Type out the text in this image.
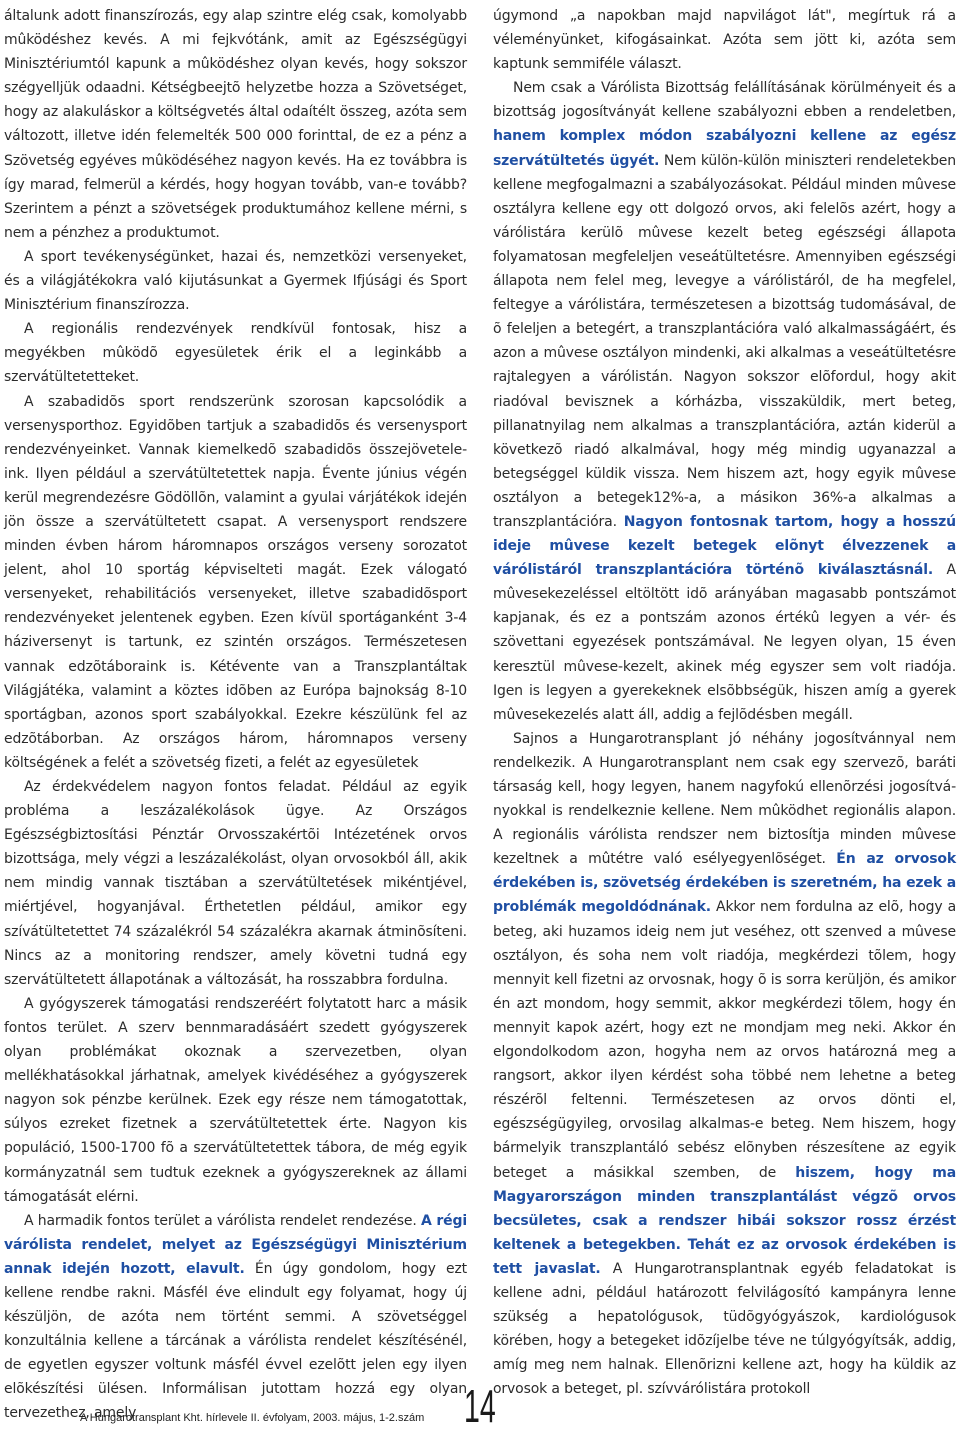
általunk adott finanszírozás, egy alap szintre elég csak, komolyabb mûködéshez kevés. A mi fejkvótánk, amit az Egészségügyi Minisztériumtól kapunk a mûködéshez olyan kevés, hogy sokszor szégyelljük odaadni. Kétségbeejtõ helyzetbe hozza a Szövetséget, hogy az alakuláskor a költségvetés által odaítélt összeg, azóta sem változott, illetve idén felemelték 500 000 forinttal, de ez a pénz a Szövetség egyéves mûködéséhez nagyon kevés. Ha ez továbbra is így marad, felmerül a kérdés, hogy hogyan tovább, van-e tovább? Szerintem a pénzt a szövetségek produktumához kellene mérni, s nem a pénzhez a produktumot.

A sport tevékenységünket, hazai és, nemzetközi versenyeket, és a világjátékokra való kijutásunkat a Gyermek Ifjúsági és Sport Minisztérium finanszírozza.

A regionális rendezvények rendkívül fontosak, hisz a megyékben mûködõ egyesületek érik el a leginkább a szervátültetetteket.

A szabadidõs sport rendszerünk szorosan kapcsolódik a versenysporthoz. Egyidõben tartjuk a szabadidõs és versenysport rendezvényeinket. Vannak kiemelkedõ szabadidõs összejövetele-ink. Ilyen például a szervátültetettek napja. Évente június végén kerül megrendezésre Gödöllõn, valamint a gyulai várjátékok idején jön össze a szervátültetett csapat. A versenysport rendszere minden évben három háromnapos országos verseny sorozatot jelent, ahol 10 sportág képviselteti magát. Ezek válogató versenyeket, rehabilitációs versenyeket, illetve szabadidõsport rendezvényeket jelentenek egyben. Ezen kívül sportáganként 3-4 háziversenyt is tartunk, ez szintén országos. Természetesen vannak edzõtáboraink is. Kétévente van a Transzplantáltak Világjátéka, valamint a köztes idõben az Európa bajnokság 8-10 sportágban, azonos sport szabályokkal. Ezekre készülünk fel az edzõtáborban. Az országos három, háromnapos verseny költségének a felét a szövetség fizeti, a felét az egyesületek

Az érdekvédelem nagyon fontos feladat. Például az egyik probléma a leszázalékolások ügye. Az Országos Egészségbiztosítási Pénztár Orvosszakértõi Intézetének orvos bizottsága, mely végzi a leszázalékolást, olyan orvosokból áll, akik nem mindig vannak tisztában a szervátültetések mikéntjével, miértjével, hogyanjával. Érthetetlen például, amikor egy szívátültetettet 74 százalékról 54 százalékra akarnak átminõsíteni. Nincs az a monitoring rendszer, amely követni tudná egy szervátültetett állapotának a változását, ha rosszabbra fordulna.

A gyógyszerek támogatási rendszeréért folytatott harc a másik fontos terület. A szerv bennmaradásáért szedett gyógyszerek olyan problémákat okoznak a szervezetben, olyan mellékhatásokkal járhatnak, amelyek kivédéséhez a gyógyszerek nagyon sok pénzbe kerülnek. Ezek egy része nem támogatottak, súlyos ezreket fizetnek a szervátültetettek érte. Nagyon kis populáció, 1500-1700 fõ a szervátültetettek tábora, de még egyik kormányzatnál sem tudtuk ezeknek a gyógyszereknek az állami támogatását elérni.

A harmadik fontos terület a várólista rendelet rendezése. A régi várólista rendelet, melyet az Egészségügyi Minisztérium annak idején hozott, elavult. Én úgy gondolom, hogy ezt kellene rendbe rakni. Másfél éve elindult egy folyamat, hogy új készüljön, de azóta nem történt semmi. A szövetséggel konzultálnia kellene a tárcának a várólista rendelet készítésénél, de egyetlen egyszer voltunk másfél évvel ezelõtt jelen egy ilyen elõkészítési ülésen. Informálisan jutottam hozzá egy olyan tervezethez, amely

úgymond „a napokban majd napvilágot lát", megírtuk rá a véleményünket, kifogásainkat. Azóta sem jött ki, azóta sem kaptunk semmiféle választ.

Nem csak a Várólista Bizottság felállításának körülményeit és a bizottság jogosítványát kellene szabályozni ebben a rendeletben, hanem komplex módon szabályozni kellene az egész szervátültetés ügyét. Nem külön-külön miniszteri rendeletekben kellene megfogalmazni a szabályozásokat. Például minden mûvese osztályra kellene egy ott dolgozó orvos, aki felelõs azért, hogy a várólistára kerülõ mûvese kezelt beteg egészségi állapota folyamatosan megfeleljen veseátültetésre. Amennyiben egészségi állapota nem felel meg, levegye a várólistáról, de ha megfelel, feltegye a várólistára, természetesen a bizottság tudomásával, de õ feleljen a betegért, a transzplantációra való alkalmasságáért, és azon a mûvese osztályon mindenki, aki alkalmas a veseátültetésre rajtalegyen a várólistán. Nagyon sokszor elõfordul, hogy akit riadóval bevisznek a kórházba, visszaküldik, mert beteg, pillanatnyilag nem alkalmas a transzplantációra, aztán kiderül a következõ riadó alkalmával, hogy még mindig ugyanazzal a betegséggel küldik vissza. Nem hiszem azt, hogy egyik mûvese osztályon a betegek12%-a, a másikon 36%-a alkalmas a transzplantációra. Nagyon fontosnak tartom, hogy a hosszú ideje mûvese kezelt betegek elõnyt élvezzenek a várólistáról transzplantációra történõ kiválasztásnál. A mûvesekezeléssel eltöltött idõ arányában magasabb pontszámot kapjanak, és ez a pontszám azonos értékû legyen a vér- és szövettani egyezések pontszámával. Ne legyen olyan, 15 éven keresztül mûvese-kezelt, akinek még egyszer sem volt riadója. Igen is legyen a gyerekeknek elsõbbségük, hiszen amíg a gyerek mûvesekezelés alatt áll, addig a fejlõdésben megáll.

Sajnos a Hungarotransplant jó néhány jogosítvánnyal nem rendelkezik. A Hungarotransplant nem csak egy szervezõ, baráti társaság kell, hogy legyen, hanem nagyfokú ellenõrzési jogosítvá-nyokkal is rendelkeznie kellene. Nem mûködhet regionális alapon. A regionális várólista rendszer nem biztosítja minden mûvese kezeltnek a mûtétre való esélyegyenlõséget. Én az orvosok érdekében is, szövetség érdekében is szeretném, ha ezek a problémák megoldódnának. Akkor nem fordulna az elõ, hogy a beteg, aki huzamos ideig nem jut veséhez, ott szenved a mûvese osztályon, és soha nem volt riadója, megkérdezi tõlem, hogy mennyit kell fizetni az orvosnak, hogy õ is sorra kerüljön, és amikor én azt mondom, hogy semmit, akkor megkérdezi tõlem, hogy én mennyit kapok azért, hogy ezt ne mondjam meg neki. Akkor én elgondolkodom azon, hogyha nem az orvos határozná meg a rangsort, akkor ilyen kérdést soha többé nem lehetne a beteg részérõl feltenni. Természetesen az orvos dönti el, egészségügyileg, orvosilag alkalmas-e beteg. Nem hiszem, hogy bármelyik transzplantáló sebész elõnyben részesítene az egyik beteget a másikkal szemben, de hiszem, hogy ma Magyarországon minden transzplantálást végzõ orvos becsületes, csak a rendszer hibái sokszor rossz érzést keltenek a betegekben. Tehát ez az orvosok érdekében is tett javaslat. A Hungarotransplantnak egyéb feladatokat is kellene adni, például határozott felvilágosító kampányra lenne szükség a hepatológusok, tüdõgyógyászok, kardiológusok körében, hogy a betegeket idõzíjelbe téve ne túlgyógyítsák, addig, amíg meg nem halnak. Ellenõrizni kellene azt, hogy ha küldik az orvosok a beteget, pl. szívvárólistára protokoll

A Hungarotransplant Kht. hírlevele II. évfolyam, 2003. május, 1-2.szám 14
